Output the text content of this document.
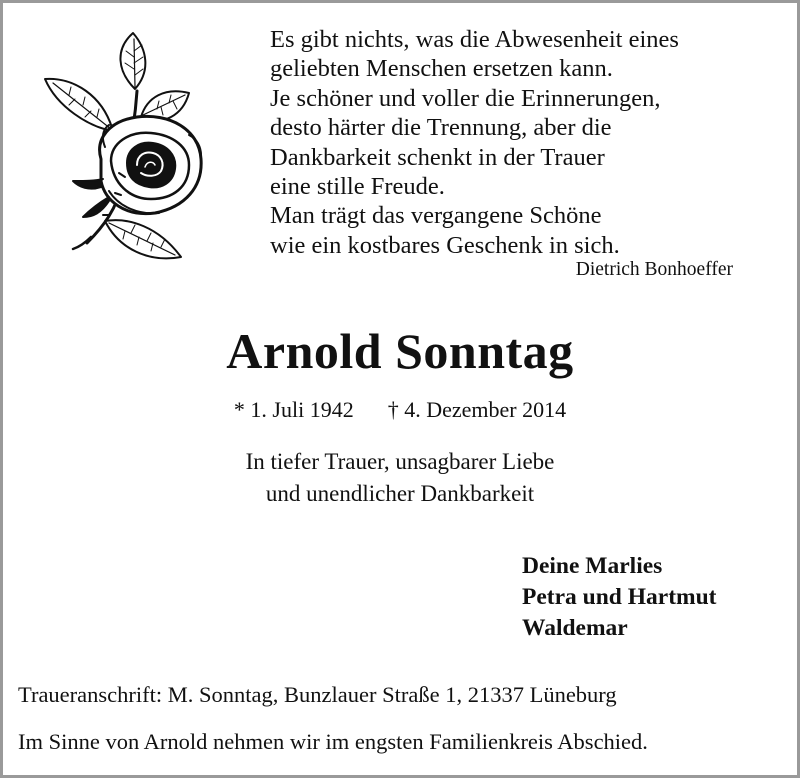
Es gibt nichts, was die Abwesenheit eines
geliebten Menschen ersetzen kann.
Je schöner und voller die Erinnerungen,
desto härter die Trennung, aber die
Dankbarkeit schenkt in der Trauer
eine stille Freude.
Man trägt das vergangene Schöne
wie ein kostbares Geschenk in sich.
Dietrich Bonhoeffer
Arnold Sonntag
* 1. Juli 1942 † 4. Dezember 2014
In tiefer Trauer, unsagbarer Liebe
und unendlicher Dankbarkeit
Deine Marlies
Petra und Hartmut
Waldemar
Traueranschrift: M. Sonntag, Bunzlauer Straße 1, 21337 Lüneburg
Im Sinne von Arnold nehmen wir im engsten Familienkreis Abschied.
